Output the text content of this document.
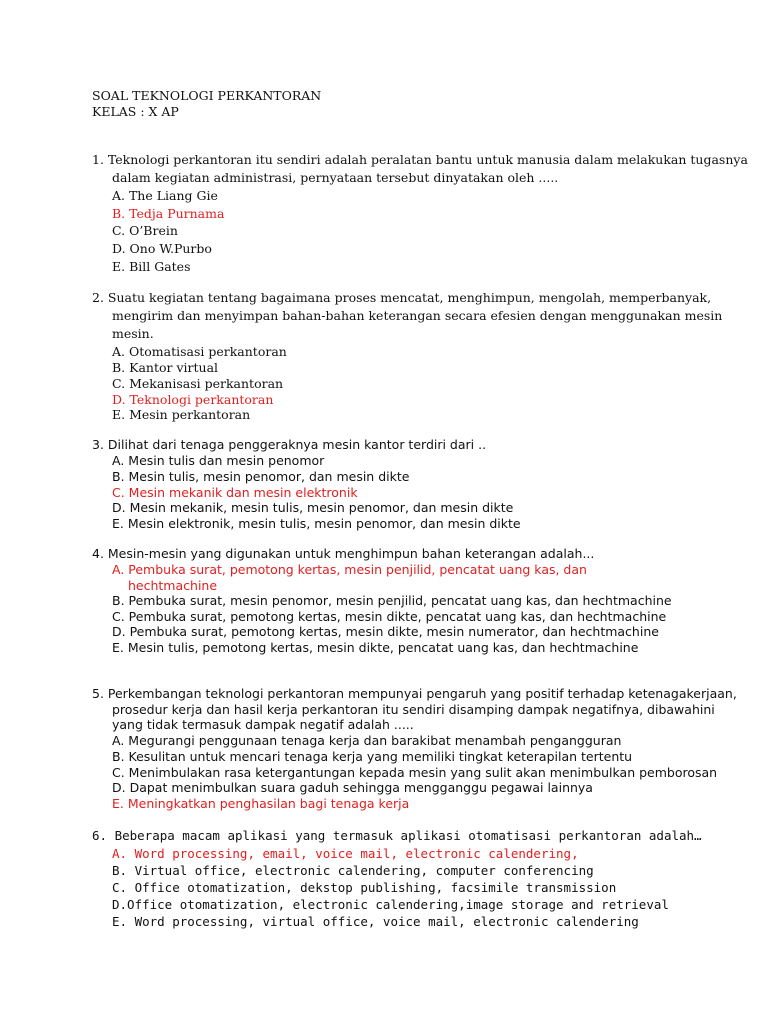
SOAL TEKNOLOGI PERKANTORAN
KELAS : X AP
1. Teknologi perkantoran itu sendiri adalah peralatan bantu untuk manusia dalam melakukan tugasnya
dalam kegiatan administrasi, pernyataan tersebut dinyatakan oleh .....
A. The Liang Gie
B. Tedja Purnama
C. O’Brein
D. Ono W.Purbo
E. Bill Gates
2. Suatu kegiatan tentang bagaimana proses mencatat, menghimpun, mengolah, memperbanyak,
mengirim dan menyimpan bahan-bahan keterangan secara efesien dengan menggunakan mesin
mesin.
A. Otomatisasi perkantoran
B. Kantor virtual
C. Mekanisasi perkantoran
D. Teknologi perkantoran
E. Mesin perkantoran
3. Dilihat dari tenaga penggeraknya mesin kantor terdiri dari ..
A. Mesin tulis dan mesin penomor
B. Mesin tulis, mesin penomor, dan mesin dikte
C. Mesin mekanik dan mesin elektronik
D. Mesin mekanik, mesin tulis, mesin penomor, dan mesin dikte
E. Mesin elektronik, mesin tulis, mesin penomor, dan mesin dikte
4. Mesin-mesin yang digunakan untuk menghimpun bahan keterangan adalah...
A. Pembuka surat, pemotong kertas, mesin penjilid, pencatat uang kas, dan
hechtmachine
B. Pembuka surat, mesin penomor, mesin penjilid, pencatat uang kas, dan hechtmachine
C. Pembuka surat, pemotong kertas, mesin dikte, pencatat uang kas, dan hechtmachine
D. Pembuka surat, pemotong kertas, mesin dikte, mesin numerator, dan hechtmachine
E. Mesin tulis, pemotong kertas, mesin dikte, pencatat uang kas, dan hechtmachine
5. Perkembangan teknologi perkantoran mempunyai pengaruh yang positif terhadap ketenagakerjaan,
prosedur kerja dan hasil kerja perkantoran itu sendiri disamping dampak negatifnya, dibawahini
yang tidak termasuk dampak negatif adalah .....
A. Megurangi penggunaan tenaga kerja dan barakibat menambah pengangguran
B. Kesulitan untuk mencari tenaga kerja yang memiliki tingkat keterapilan tertentu
C. Menimbulakan rasa ketergantungan kepada mesin yang sulit akan menimbulkan pemborosan
D. Dapat menimbulkan suara gaduh sehingga mengganggu pegawai lainnya
E. Meningkatkan penghasilan bagi tenaga kerja
6. Beberapa macam aplikasi yang termasuk aplikasi otomatisasi perkantoran adalah…
A. Word processing, email, voice mail, electronic calendering,
B. Virtual office, electronic calendering, computer conferencing
C. Office otomatization, dekstop publishing, facsimile transmission
D.Office otomatization, electronic calendering,image storage and retrieval
E. Word processing, virtual office, voice mail, electronic calendering
